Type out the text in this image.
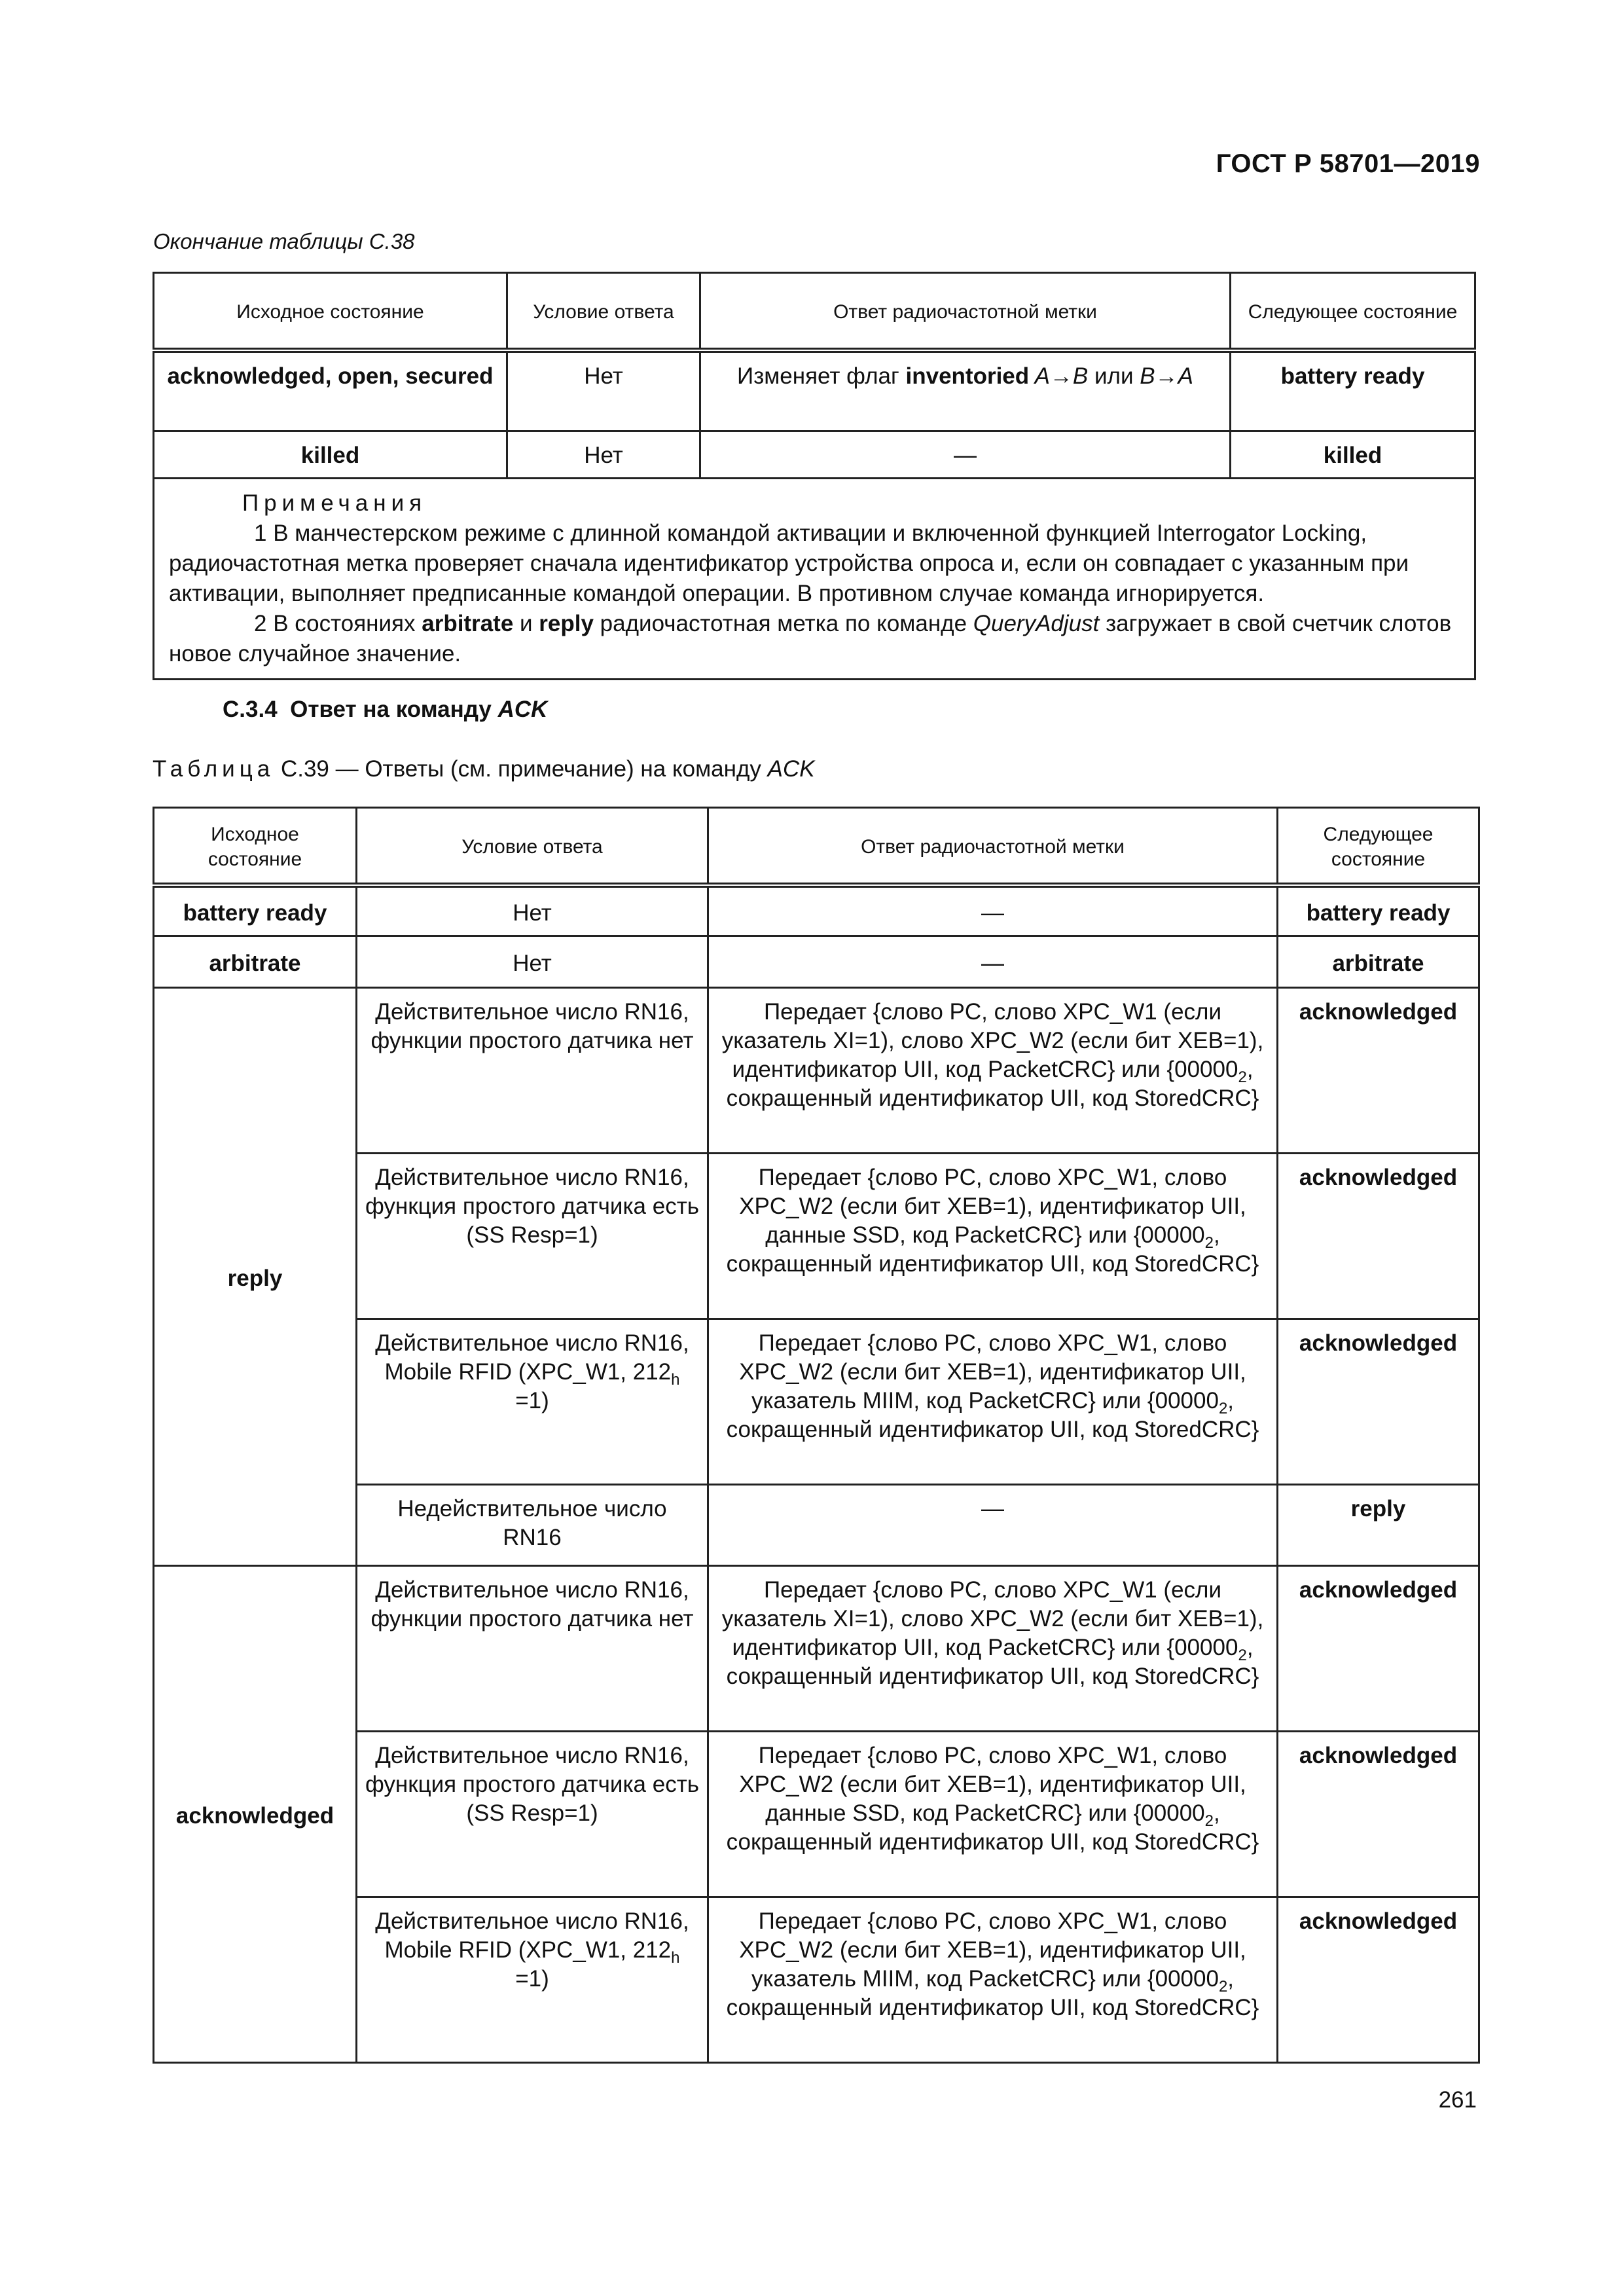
ГОСТ Р 58701—2019
Окончание таблицы С.38
Исходное состояние	Условие ответа	Ответ радиочастотной метки	Следующее состояние
acknowledged, open, secured	Нет	Изменяет флаг inventoried A→B или B→A	battery ready
killed	Нет	—	killed

Примечания
1 В манчестерском режиме с длинной командой активации и включенной функцией Interrogator Locking, радиочастотная метка проверяет сначала идентификатор устройства опроса и, если он совпадает с указанным при активации, выполняет предписанные командой операции. В противном случае команда игнорируется.
2 В состояниях arbitrate и reply радиочастотная метка по команде QueryAdjust загружает в свой счетчик слотов новое случайное значение.			
С.3.4 Ответ на команду ACK
Таблица С.39 — Ответы (см. примечание) на команду ACK
Исходное состояние	Условие ответа	Ответ радиочастотной метки	Следующее состояние
battery ready	Нет	—	battery ready
arbitrate	Нет	—	arbitrate
reply	Действительное число RN16, функции простого датчика нет	Передает {слово PC, слово XPC_W1 (если указатель XI=1), слово XPC_W2 (если бит XEB=1), идентификатор UII, код PacketCRC} или {$00000_2$, сокращенный идентификатор UII, код StoredCRC}	acknowledged
	Действительное число RN16, функция простого датчика есть (SS Resp=1)	Передает {слово PC, слово XPC_W1, слово XPC_W2 (если бит XEB=1), идентификатор UII, данные SSD, код PacketCRC} или {$00000_2$, сокращенный идентификатор UII, код StoredCRC}	acknowledged
	Действительное число RN16, Mobile RFID (XPC_W1, $212_h =1$)	Передает {слово PC, слово XPC_W1, слово XPC_W2 (если бит XEB=1), идентификатор UII, указатель MIIM, код PacketCRC} или {$00000_2$, сокращенный идентификатор UII, код StoredCRC}	acknowledged
	Недействительное число RN16	—	reply
acknowledged	Действительное число RN16, функции простого датчика нет	Передает {слово PC, слово XPC_W1 (если указатель XI=1), слово XPC_W2 (если бит XEB=1), идентификатор UII, код PacketCRC} или {$00000_2$, сокращенный идентификатор UII, код StoredCRC}	acknowledged
	Действительное число RN16, функция простого датчика есть (SS Resp=1)	Передает {слово PC, слово XPC_W1, слово XPC_W2 (если бит XEB=1), идентификатор UII, данные SSD, код PacketCRC} или {$00000_2$, сокращенный идентификатор UII, код StoredCRC}	acknowledged
	Действительное число RN16, Mobile RFID (XPC_W1, $212_h =1$)	Передает {слово PC, слово XPC_W1, слово XPC_W2 (если бит XEB=1), идентификатор UII, указатель MIIM, код PacketCRC} или {$00000_2$, сокращенный идентификатор UII, код StoredCRC}	acknowledged
261
